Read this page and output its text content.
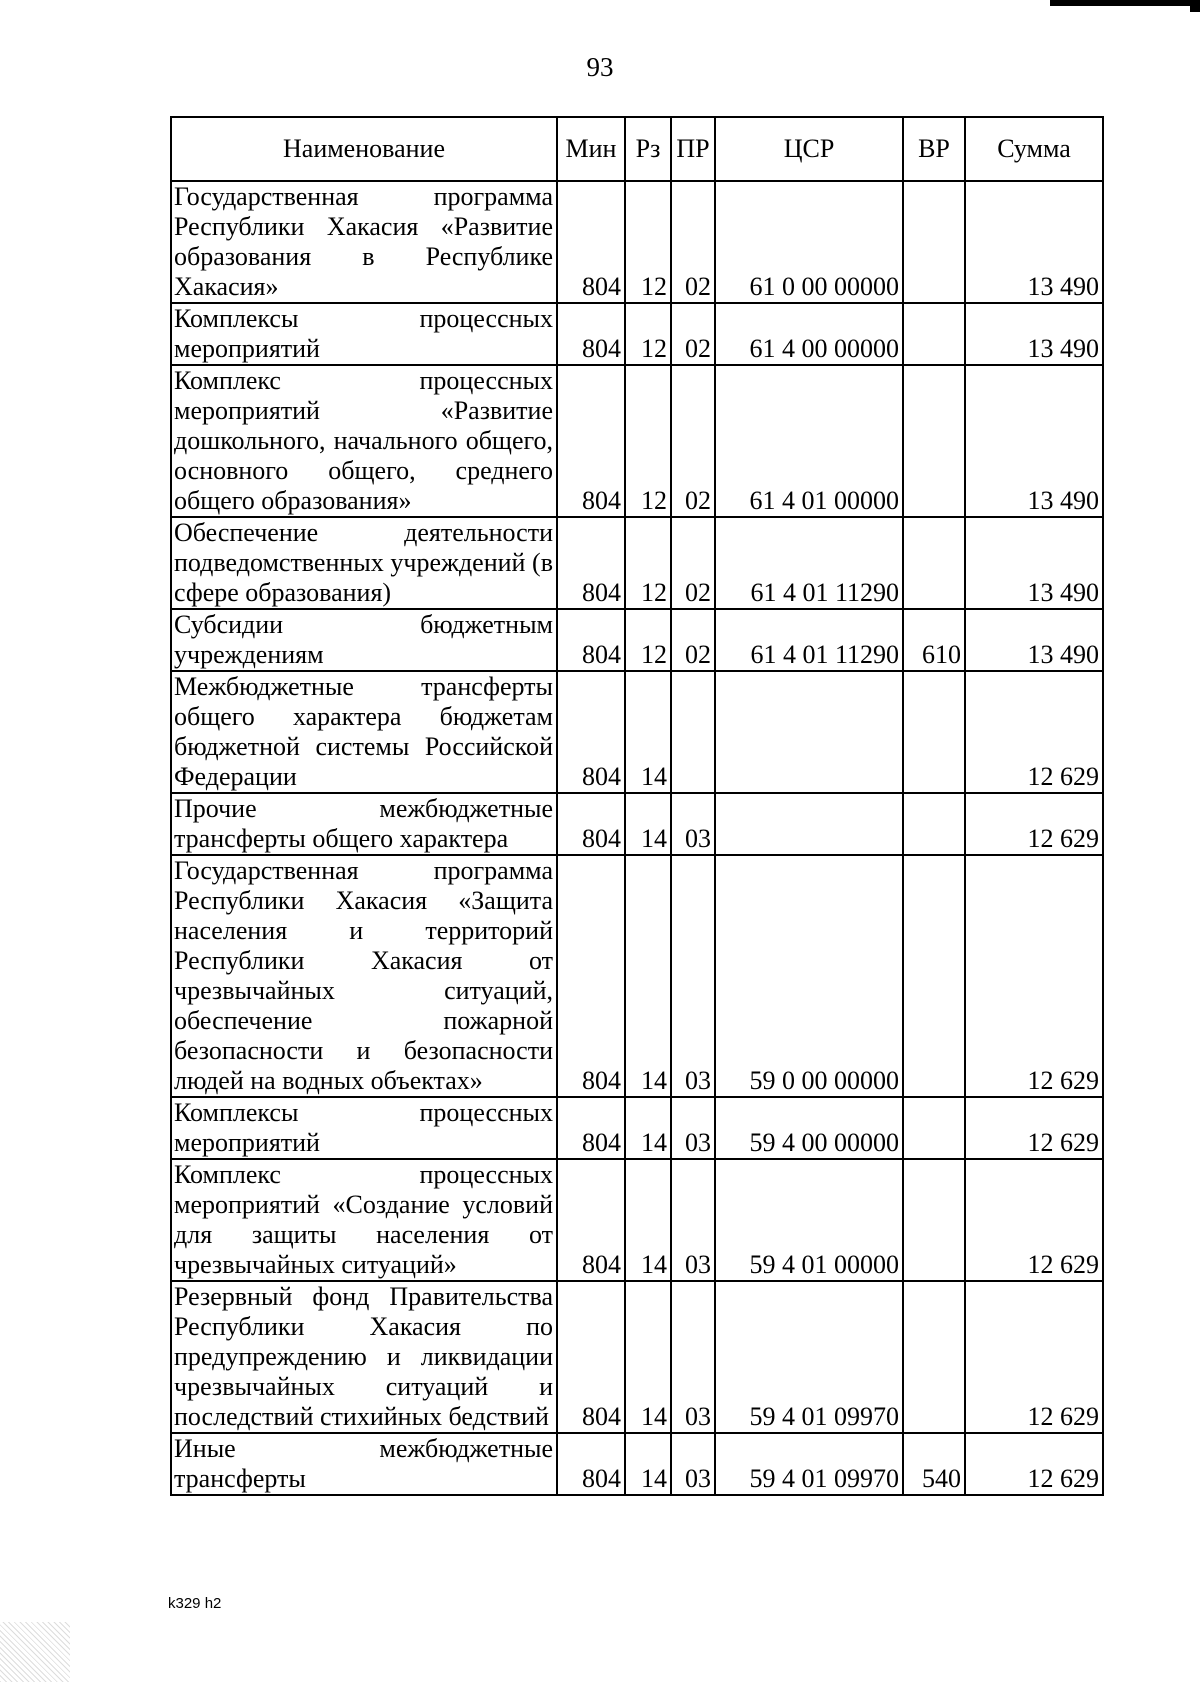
93
Наименование	Мин	Рз	ПР	ЦСР	ВР	Сумма
Государственная программа Республики Хакасия «Развитие образования в Республике Хакасия»	804	12	02	61 0 00 00000		13 490
Комплексы процессных мероприятий	804	12	02	61 4 00 00000		13 490
Комплекс процессных мероприятий «Развитие дошкольного, начального общего, основного общего, среднего общего образования»	804	12	02	61 4 01 00000		13 490
Обеспечение деятельности подведомственных учреждений (в сфере образования)	804	12	02	61 4 01 11290		13 490
Субсидии бюджетным учреждениям	804	12	02	61 4 01 11290	610	13 490
Межбюджетные трансферты общего характера бюджетам бюджетной системы Российской Федерации	804	14				12 629
Прочие межбюджетные трансферты общего характера	804	14	03			12 629
Государственная программа Республики Хакасия «Защита населения и территорий Республики Хакасия от чрезвычайных ситуаций, обеспечение пожарной безопасности и безопасности людей на водных объектах»	804	14	03	59 0 00 00000		12 629
Комплексы процессных мероприятий	804	14	03	59 4 00 00000		12 629
Комплекс процессных мероприятий «Создание условий для защиты населения от чрезвычайных ситуаций»	804	14	03	59 4 01 00000		12 629
Резервный фонд Правительства Республики Хакасия по предупреждению и ликвидации чрезвычайных ситуаций и последствий стихийных бедствий	804	14	03	59 4 01 09970		12 629
Иные межбюджетные трансферты	804	14	03	59 4 01 09970	540	12 629
k329 h2
